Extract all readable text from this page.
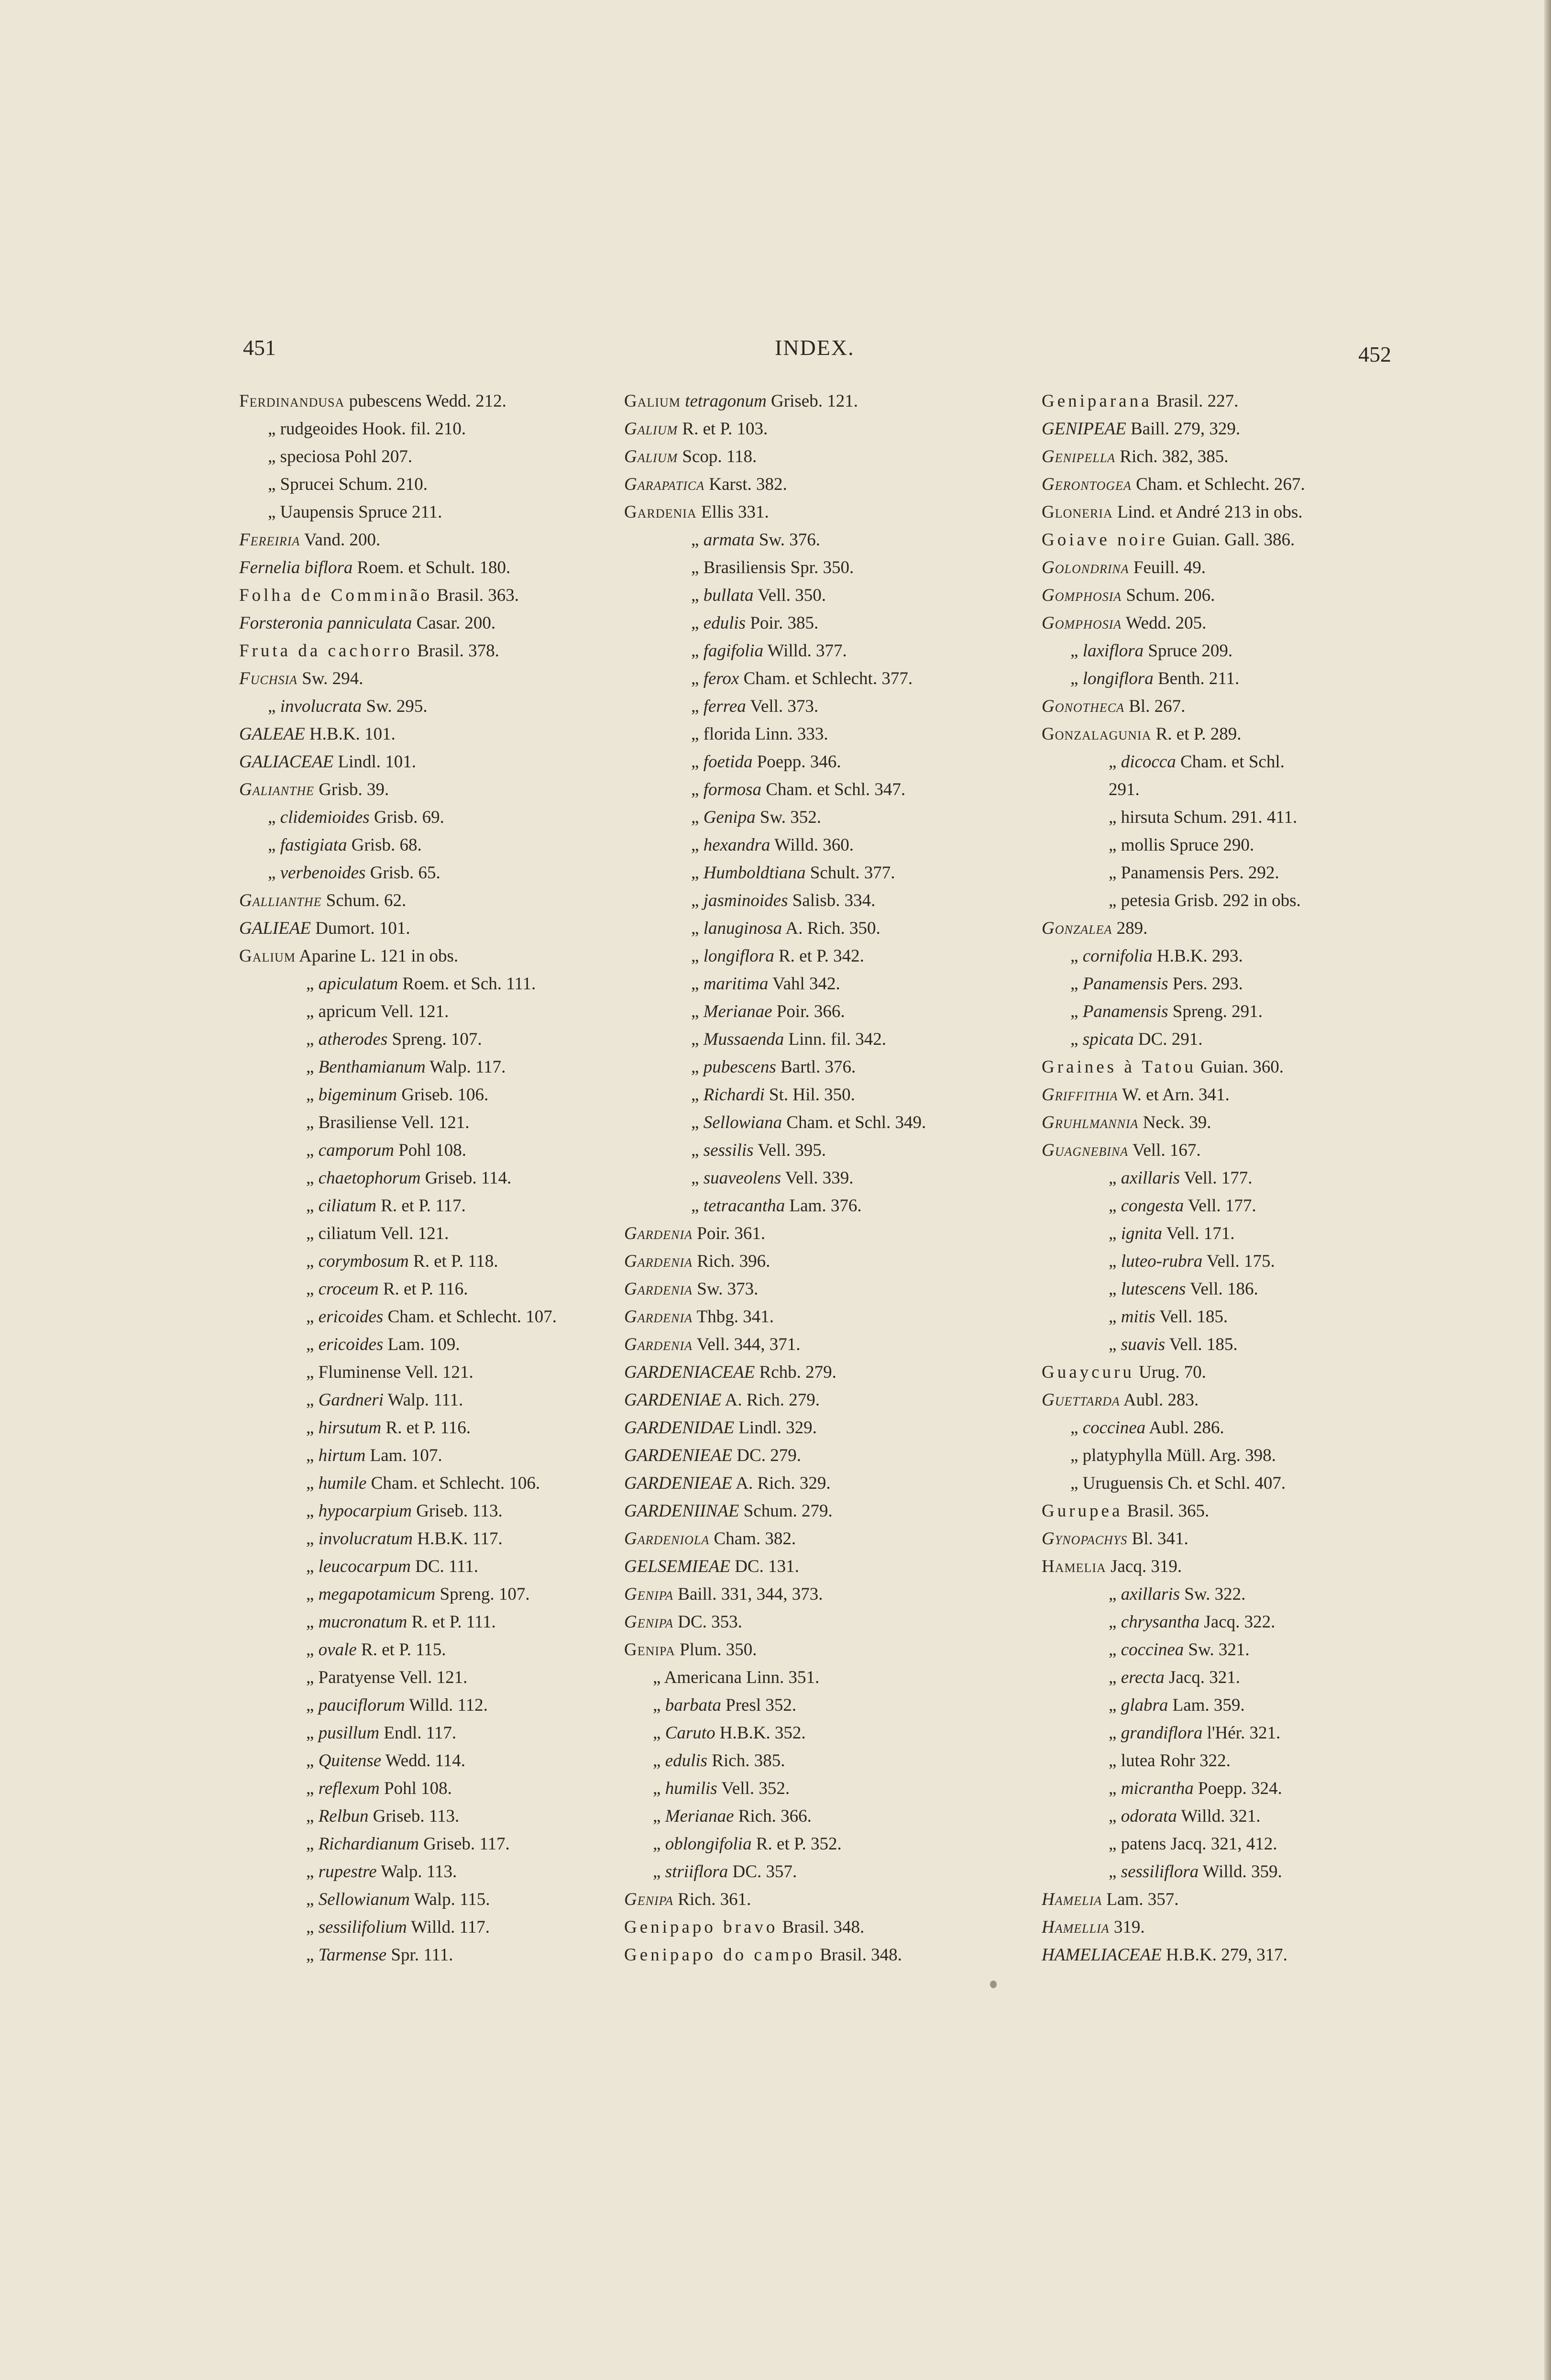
451	INDEX.	452
Ferdinandusa pubescens Wedd. 212.
„ rudgeoides Hook. fil. 210.
„ speciosa Pohl 207.
„ Sprucei Schum. 210.
„ Uaupensis Spruce 211.
Fereiria Vand. 200.
Fernelia biflora Roem. et Schult. 180.
Folha de Comminão Brasil. 363.
Forsteronia panniculata Casar. 200.
Fruta da cachorro Brasil. 378.
Fuchsia Sw. 294.
„ involucrata Sw. 295.
GALEAE H.B.K. 101.
GALIACEAE Lindl. 101.
Galianthe Grisb. 39.
„ clidemioides Grisb. 69.
„ fastigiata Grisb. 68.
„ verbenoides Grisb. 65.
Gallianthe Schum. 62.
GALIEAE Dumort. 101.
Galium Aparine L. 121 in obs.
„ apiculatum Roem. et Sch. 111.
„ apricum Vell. 121.
„ atherodes Spreng. 107.
„ Benthamianum Walp. 117.
„ bigeminum Griseb. 106.
„ Brasiliense Vell. 121.
„ camporum Pohl 108.
„ chaetophorum Griseb. 114.
„ ciliatum R. et P. 117.
„ ciliatum Vell. 121.
„ corymbosum R. et P. 118.
„ croceum R. et P. 116.
„ ericoides Cham. et Schlecht. 107.
„ ericoides Lam. 109.
„ Fluminense Vell. 121.
„ Gardneri Walp. 111.
„ hirsutum R. et P. 116.
„ hirtum Lam. 107.
„ humile Cham. et Schlecht. 106.
„ hypocarpium Griseb. 113.
„ involucratum H.B.K. 117.
„ leucocarpum DC. 111.
„ megapotamicum Spreng. 107.
„ mucronatum R. et P. 111.
„ ovale R. et P. 115.
„ Paratyense Vell. 121.
„ pauciflorum Willd. 112.
„ pusillum Endl. 117.
„ Quitense Wedd. 114.
„ reflexum Pohl 108.
„ Relbun Griseb. 113.
„ Richardianum Griseb. 117.
„ rupestre Walp. 113.
„ Sellowianum Walp. 115.
„ sessilifolium Willd. 117.
„ Tarmense Spr. 111.
Galium tetragonum Griseb. 121.
Galium R. et P. 103.
Galium Scop. 118.
Garapatica Karst. 382.
Gardenia Ellis 331.
„ armata Sw. 376.
„ Brasiliensis Spr. 350.
„ bullata Vell. 350.
„ edulis Poir. 385.
„ fagifolia Willd. 377.
„ ferox Cham. et Schlecht. 377.
„ ferrea Vell. 373.
„ florida Linn. 333.
„ foetida Poepp. 346.
„ formosa Cham. et Schl. 347.
„ Genipa Sw. 352.
„ hexandra Willd. 360.
„ Humboldtiana Schult. 377.
„ jasminoides Salisb. 334.
„ lanuginosa A. Rich. 350.
„ longiflora R. et P. 342.
„ maritima Vahl 342.
„ Merianae Poir. 366.
„ Mussaenda Linn. fil. 342.
„ pubescens Bartl. 376.
„ Richardi St. Hil. 350.
„ Sellowiana Cham. et Schl. 349.
„ sessilis Vell. 395.
„ suaveolens Vell. 339.
„ tetracantha Lam. 376.
Gardenia Poir. 361.
Gardenia Rich. 396.
Gardenia Sw. 373.
Gardenia Thbg. 341.
Gardenia Vell. 344, 371.
GARDENIACEAE Rchb. 279.
GARDENIAE A. Rich. 279.
GARDENIDAE Lindl. 329.
GARDENIEAE DC. 279.
GARDENIEAE A. Rich. 329.
GARDENIINAE Schum. 279.
Gardeniola Cham. 382.
GELSEMIEAE DC. 131.
Genipa Baill. 331, 344, 373.
Genipa DC. 353.
Genipa Plum. 350.
„ Americana Linn. 351.
„ barbata Presl 352.
„ Caruto H.B.K. 352.
„ edulis Rich. 385.
„ humilis Vell. 352.
„ Merianae Rich. 366.
„ oblongifolia R. et P. 352.
„ striiflora DC. 357.
Genipa Rich. 361.
Genipapo bravo Brasil. 348.
Genipapo do campo Brasil. 348.
Geniparana Brasil. 227.
GENIPEAE Baill. 279, 329.
Genipella Rich. 382, 385.
Gerontogea Cham. et Schlecht. 267.
Gloneria Lind. et André 213 in obs.
Goiave noire Guian. Gall. 386.
Golondrina Feuill. 49.
Gomphosia Schum. 206.
Gomphosia Wedd. 205.
„ laxiflora Spruce 209.
„ longiflora Benth. 211.
Gonotheca Bl. 267.
Gonzalagunia R. et P. 289.
„ dicocca Cham. et Schl.
291.
„ hirsuta Schum. 291. 411.
„ mollis Spruce 290.
„ Panamensis Pers. 292.
„ petesia Grisb. 292 in obs.
Gonzalea 289.
„ cornifolia H.B.K. 293.
„ Panamensis Pers. 293.
„ Panamensis Spreng. 291.
„ spicata DC. 291.
Graines à Tatou Guian. 360.
Griffithia W. et Arn. 341.
Gruhlmannia Neck. 39.
Guagnebina Vell. 167.
„ axillaris Vell. 177.
„ congesta Vell. 177.
„ ignita Vell. 171.
„ luteo-rubra Vell. 175.
„ lutescens Vell. 186.
„ mitis Vell. 185.
„ suavis Vell. 185.
Guaycuru Urug. 70.
Guettarda Aubl. 283.
„ coccinea Aubl. 286.
„ platyphylla Müll. Arg. 398.
„ Uruguensis Ch. et Schl. 407.
Gurupea Brasil. 365.
Gynopachys Bl. 341.
Hamelia Jacq. 319.
„ axillaris Sw. 322.
„ chrysantha Jacq. 322.
„ coccinea Sw. 321.
„ erecta Jacq. 321.
„ glabra Lam. 359.
„ grandiflora l'Hér. 321.
„ lutea Rohr 322.
„ micrantha Poepp. 324.
„ odorata Willd. 321.
„ patens Jacq. 321, 412.
„ sessiliflora Willd. 359.
Hamelia Lam. 357.
Hamellia 319.
HAMELIACEAE H.B.K. 279, 317.
